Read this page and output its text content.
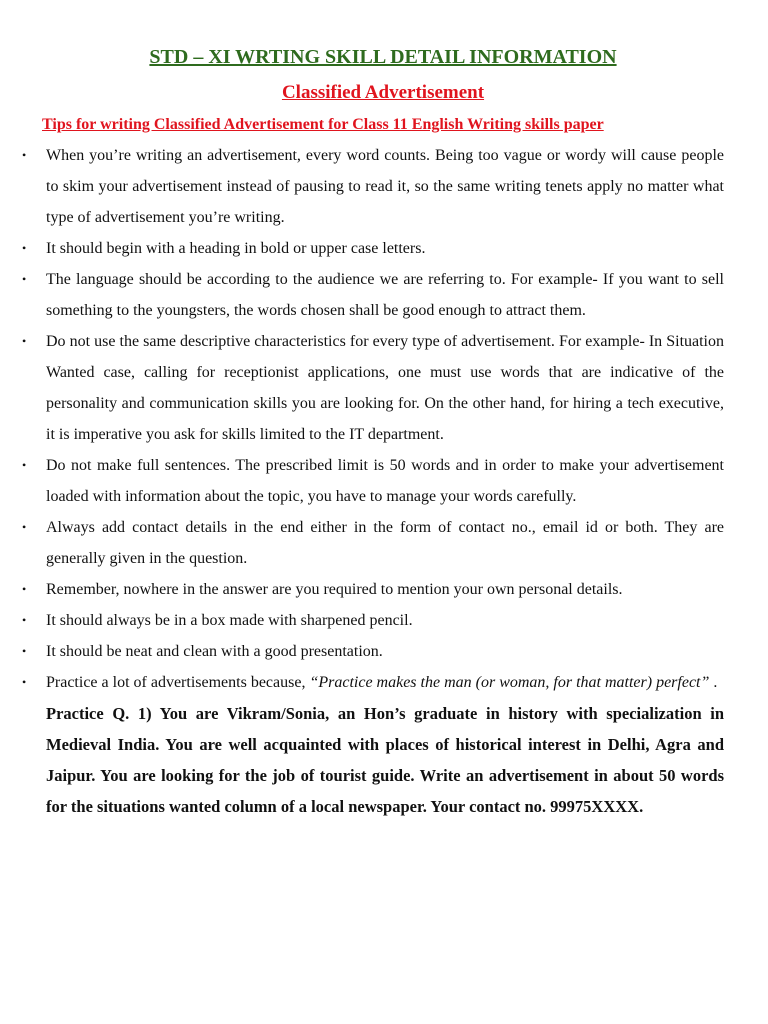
STD – XI WRTING SKILL DETAIL INFORMATION
Classified Advertisement
Tips for writing Classified Advertisement for Class 11 English Writing skills paper
• When you’re writing an advertisement, every word counts. Being too vague or wordy will cause people to skim your advertisement instead of pausing to read it, so the same writing tenets apply no matter what type of advertisement you’re writing.
• It should begin with a heading in bold or upper case letters.
• The language should be according to the audience we are referring to. For example- If you want to sell something to the youngsters, the words chosen shall be good enough to attract them.
• Do not use the same descriptive characteristics for every type of advertisement. For example- In Situation Wanted case, calling for receptionist applications, one must use words that are indicative of the personality and communication skills you are looking for. On the other hand, for hiring a tech executive, it is imperative you ask for skills limited to the IT department.
• Do not make full sentences. The prescribed limit is 50 words and in order to make your advertisement loaded with information about the topic, you have to manage your words carefully.
• Always add contact details in the end either in the form of contact no., email id or both. They are generally given in the question.
• Remember, nowhere in the answer are you required to mention your own personal details.
• It should always be in a box made with sharpened pencil.
• It should be neat and clean with a good presentation.
• Practice a lot of advertisements because, “Practice makes the man (or woman, for that matter) perfect” .

Practice Q. 1) You are Vikram/Sonia, an Hon’s graduate in history with specialization in Medieval India. You are well acquainted with places of historical interest in Delhi, Agra and Jaipur. You are looking for the job of tourist guide. Write an advertisement in about 50 words for the situations wanted column of a local newspaper. Your contact no. 99975XXXX.
